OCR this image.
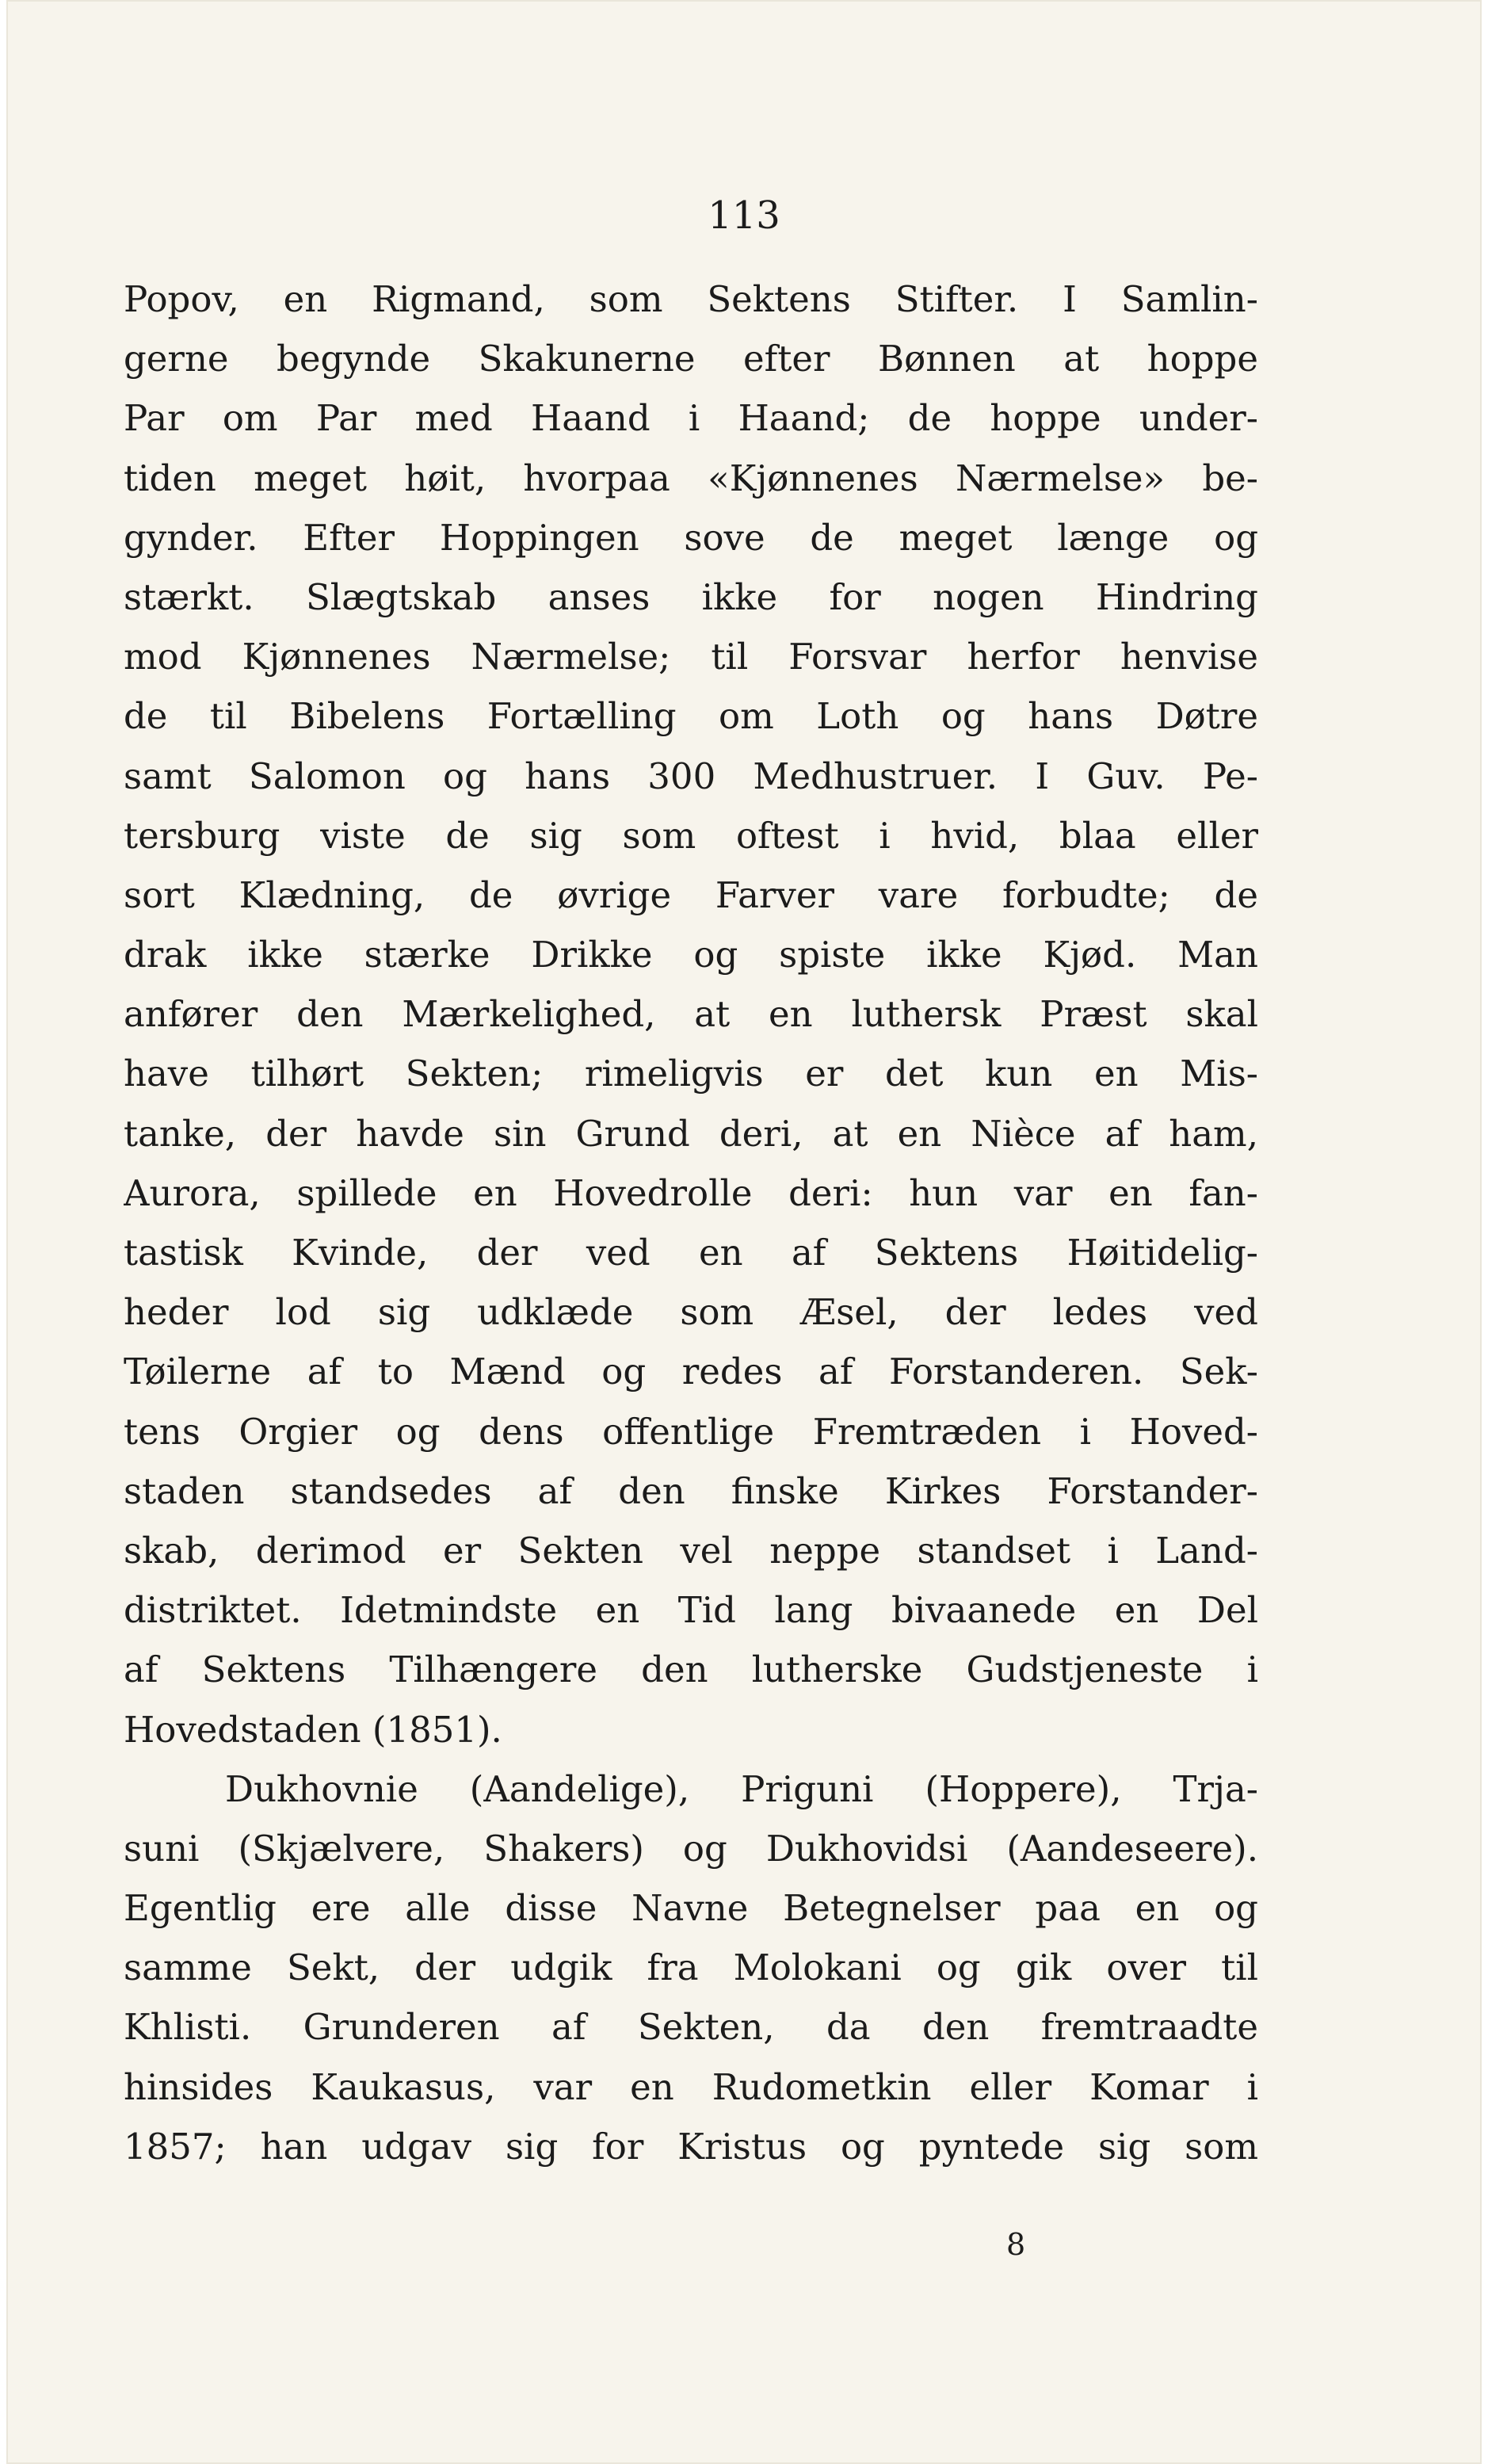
113
Popov, en Rigmand, som Sektens Stifter. I Samlin-
gerne begynde Skakunerne efter Bønnen at hoppe
Par om Par med Haand i Haand; de hoppe under-
tiden meget høit, hvorpaa «Kjønnenes Nærmelse» be-
gynder. Efter Hoppingen sove de meget længe og
stærkt. Slægtskab anses ikke for nogen Hindring
mod Kjønnenes Nærmelse; til Forsvar herfor henvise
de til Bibelens Fortælling om Loth og hans Døtre
samt Salomon og hans 300 Medhustruer. I Guv. Pe-
tersburg viste de sig som oftest i hvid, blaa eller
sort Klædning, de øvrige Farver vare forbudte; de
drak ikke stærke Drikke og spiste ikke Kjød. Man
anfører den Mærkelighed, at en luthersk Præst skal
have tilhørt Sekten; rimeligvis er det kun en Mis-
tanke, der havde sin Grund deri, at en Nièce af ham,
Aurora, spillede en Hovedrolle deri: hun var en fan-
tastisk Kvinde, der ved en af Sektens Høitidelig-
heder lod sig udklæde som Æsel, der ledes ved
Tøilerne af to Mænd og redes af Forstanderen. Sek-
tens Orgier og dens offentlige Fremtræden i Hoved-
staden standsedes af den finske Kirkes Forstander-
skab, derimod er Sekten vel neppe standset i Land-
distriktet. Idetmindste en Tid lang bivaanede en Del
af Sektens Tilhængere den lutherske Gudstjeneste i
Hovedstaden (1851).
Dukhovnie (Aandelige), Priguni (Hoppere), Trja-
suni (Skjælvere, Shakers) og Dukhovidsi (Aandeseere).
Egentlig ere alle disse Navne Betegnelser paa en og
samme Sekt, der udgik fra Molokani og gik over til
Khlisti. Grunderen af Sekten, da den fremtraadte
hinsides Kaukasus, var en Rudometkin eller Komar i
1857; han udgav sig for Kristus og pyntede sig som
8
